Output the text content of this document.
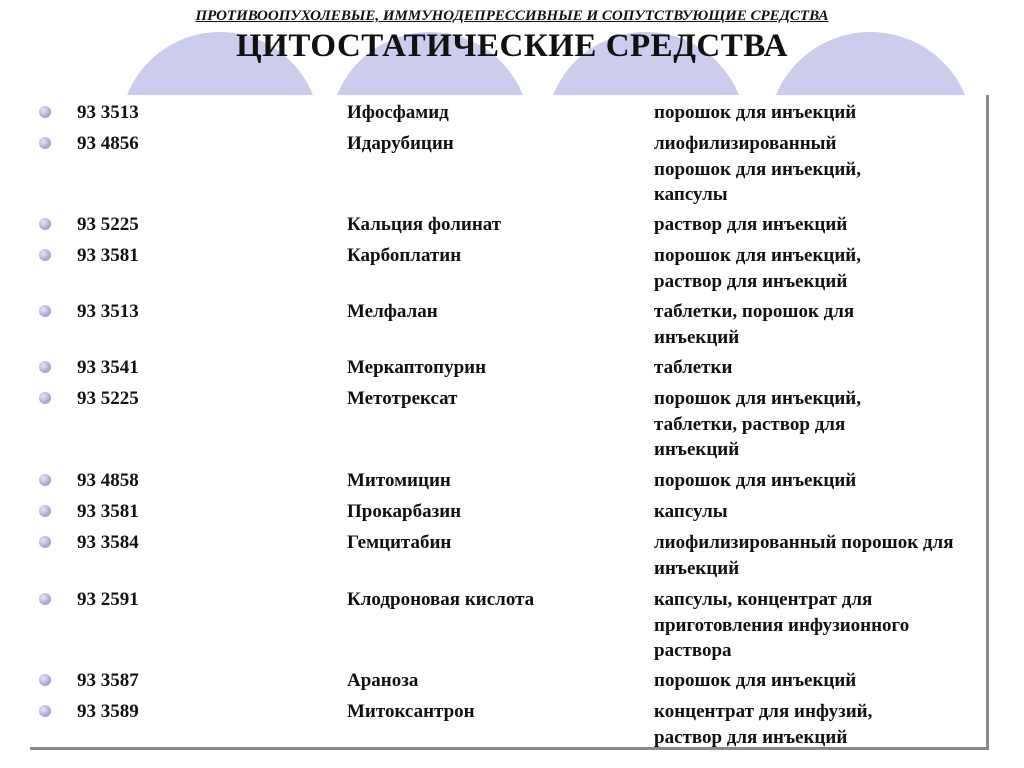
ПРОТИВООПУХОЛЕВЫЕ, ИММУНОДЕПРЕССИВНЫЕ И СОПУТСТВУЮЩИЕ СРЕДСТВА
ЦИТОСТАТИЧЕСКИЕ СРЕДСТВА
93 3513	Ифосфамид	порошок для инъекций
93 4856	Идарубицин	лиофилизированный порошок для инъекций, капсулы
93 5225	Кальция фолинат	раствор для инъекций
93 3581	Карбоплатин	порошок для инъекций, раствор для инъекций
93 3513	Мелфалан	таблетки, порошок для инъекций
93 3541	Меркаптопурин	таблетки
93 5225	Метотрексат	порошок для инъекций, таблетки, раствор для инъекций
93 4858	Митомицин	порошок для инъекций
93 3581	Прокарбазин	капсулы
93 3584	Гемцитабин	лиофилизированный порошок для инъекций
93 2591	Клодроновая кислота	капсулы, концентрат для приготовления инфузионного раствора
93 3587	Араноза	порошок для инъекций
93 3589	Митоксантрон	концентрат для инфузий, раствор для инъекций
